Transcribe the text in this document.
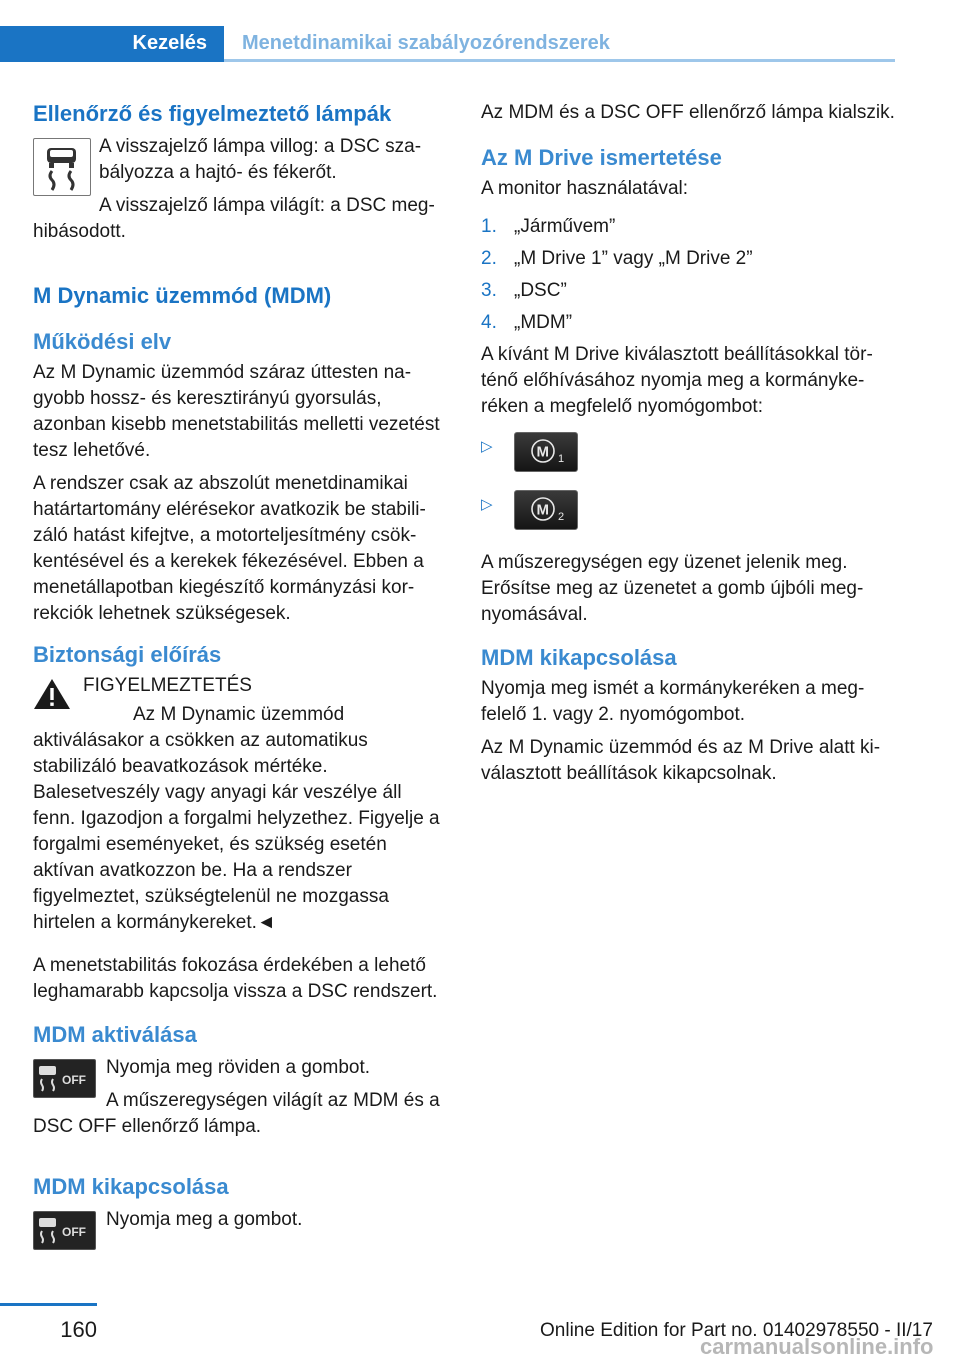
Kezelés	Menetdinamikai szabályozórendszerek
Ellenőrző és figyelmeztető lámpák

A visszajelző lámpa villog: a DSC szabályozza a hajtó- és fékerőt.

A visszajelző lámpa világít: a DSC meghibásodott.

M Dynamic üzemmód (MDM)
Működési elv

Az M Dynamic üzemmód száraz úttesten nagyobb hossz- és keresztirányú gyorsulás, azonban kisebb menetstabilitás melletti vezetést tesz lehetővé.

A rendszer csak az abszolút menetdinamikai határtartomány elérésekor avatkozik be stabilizáló hatást kifejtve, a motorteljesítmény csökkentésével és a kerekek fékezésével. Ebben a menetállapotban kiegészítő kormányzási korrekciók lehetnek szükségesek.

Biztonsági előírás

FIGYELMEZTETÉS

Az M Dynamic üzemmód aktiválásakor a csökken az automatikus stabilizáló beavatkozások mértéke. Balesetveszély vagy anyagi kár veszélye áll fenn. Igazodjon a forgalmi helyzethez. Figyelje a forgalmi eseményeket, és szükség esetén aktívan avatkozzon be. Ha a rendszer figyelmeztet, szükségtelenül ne mozgassa hirtelen a kormánykereket.◄

A menetstabilitás fokozása érdekében a lehető leghamarabb kapcsolja vissza a DSC rendszert.

MDM aktiválása
OFF

Nyomja meg röviden a gombot.

A műszeregységen világít az MDM és a DSC OFF ellenőrző lámpa.

MDM kikapcsolása
OFF

Nyomja meg a gombot.

Az MDM és a DSC OFF ellenőrző lámpa kialszik.

Az M Drive ismertetése

A monitor használatával:

1. „Járművem”
2. „M Drive 1” vagy „M Drive 2”
3. „DSC”
4. „MDM”

A kívánt M Drive kiválasztott beállításokkal történő előhívásához nyomja meg a kormánykeréken a megfelelő nyomógombot:

▷	M 1
▷	M 2

A műszeregységen egy üzenet jelenik meg. Erősítse meg az üzenetet a gomb újbóli megnyomásával.

MDM kikapcsolása

Nyomja meg ismét a kormánykeréken a megfelelő 1. vagy 2. nyomógombot.

Az M Dynamic üzemmód és az M Drive alatt kiválasztott beállítások kikapcsolnak.

160	Online Edition for Part no. 01402978550 - II/17
carmanualsonline.info
